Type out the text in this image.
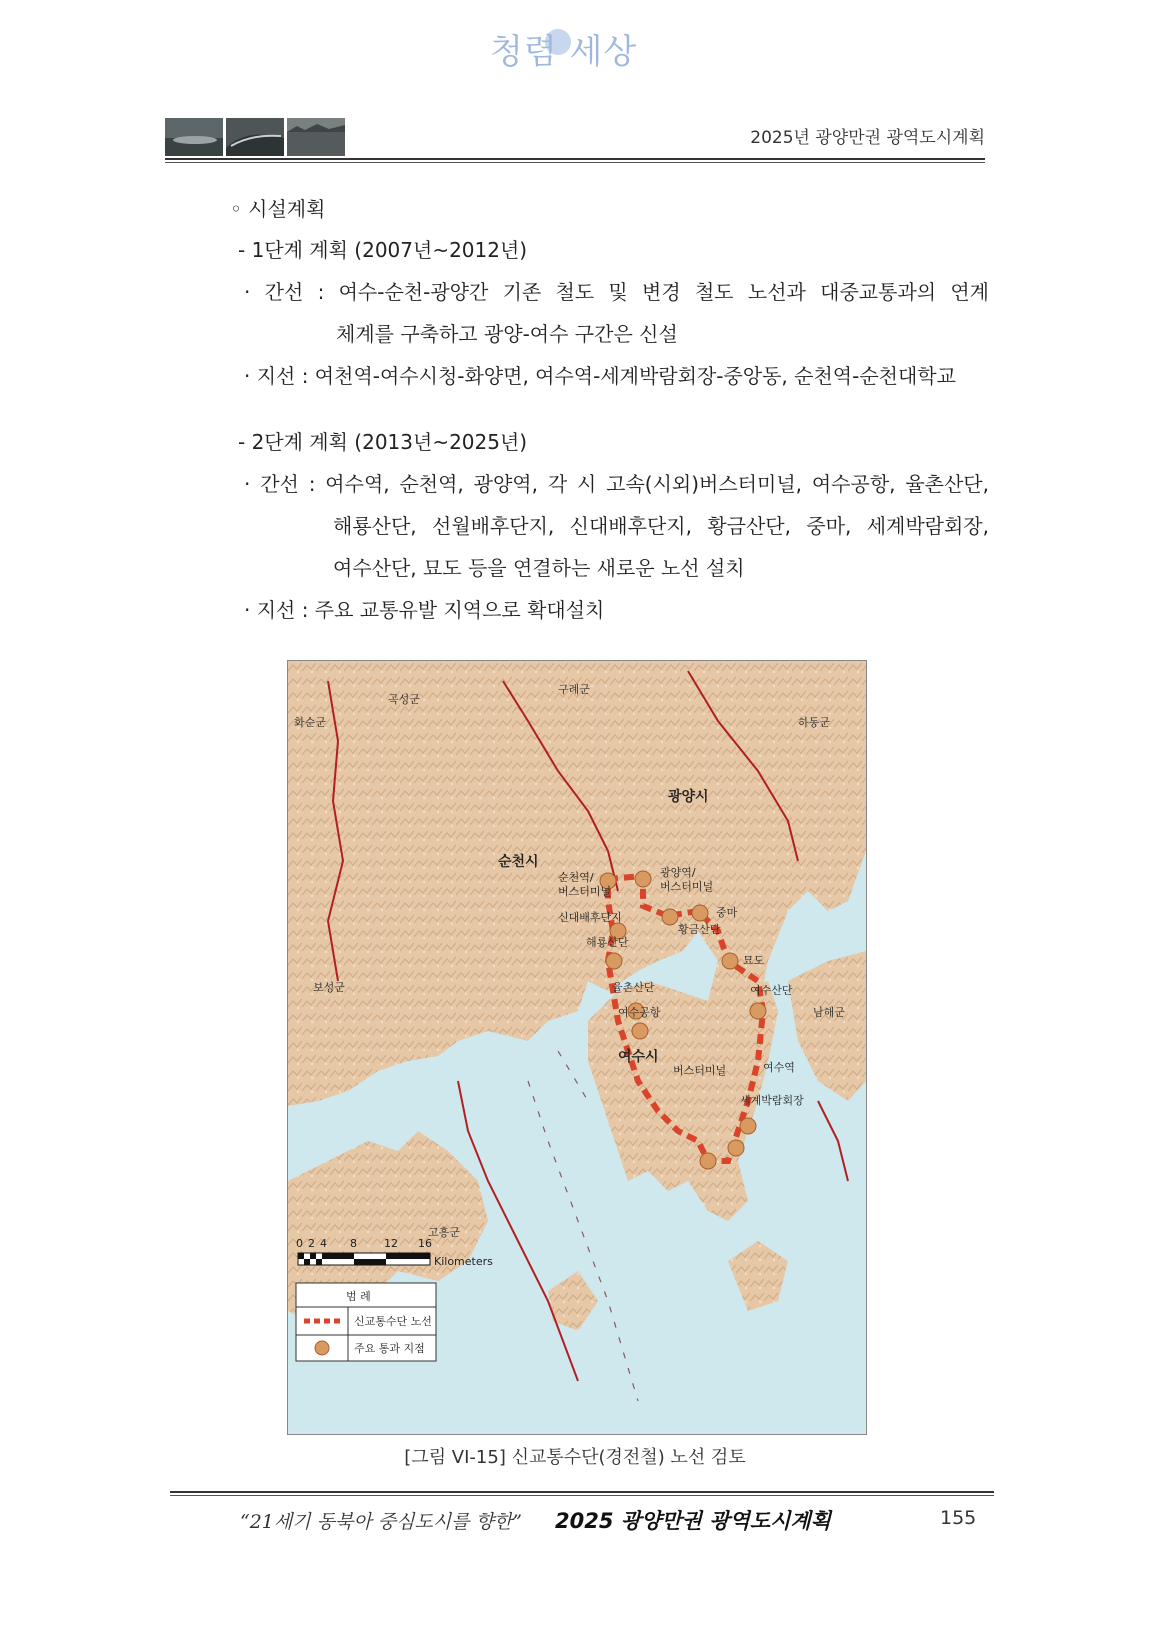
청렴 세상
2025년 광양만권 광역도시계획
◦ 시설계획
- 1단계 계획 (2007년~2012년)
· 간선 : 여수-순천-광양간 기존 철도 및 변경 철도 노선과 대중교통과의 연계
체계를 구축하고 광양-여수 구간은 신설
· 지선 : 여천역-여수시청-화양면, 여수역-세계박람회장-중앙동, 순천역-순천대학교
- 2단계 계획 (2013년~2025년)
· 간선 : 여수역, 순천역, 광양역, 각 시 고속(시외)버스터미널, 여수공항, 율촌산단,
해룡산단, 선월배후단지, 신대배후단지, 황금산단, 중마, 세계박람회장,
여수산단, 묘도 등을 연결하는 새로운 노선 설치
· 지선 : 주요 교통유발 지역으로 확대설치
곡성군
구례군
화순군	하동군
광양시
순천시
보성군
남해군
여수시
고흥군
순천역/
버스터미널
광양역/
버스터미널
신대배후단지
황금산단
중마
해룡산단
묘도
율촌산단	여수산단
여수공항
버스터미널	여수역
세계박람회장
0 2 4 8 12 16
Kilometers
범 례
신교통수단 노선
주요 통과 지점
[그림 VI-15] 신교통수단(경전철) 노선 검토
“21세기 동북아 중심도시를 향한” 2025 광양만권 광역도시계획	155
